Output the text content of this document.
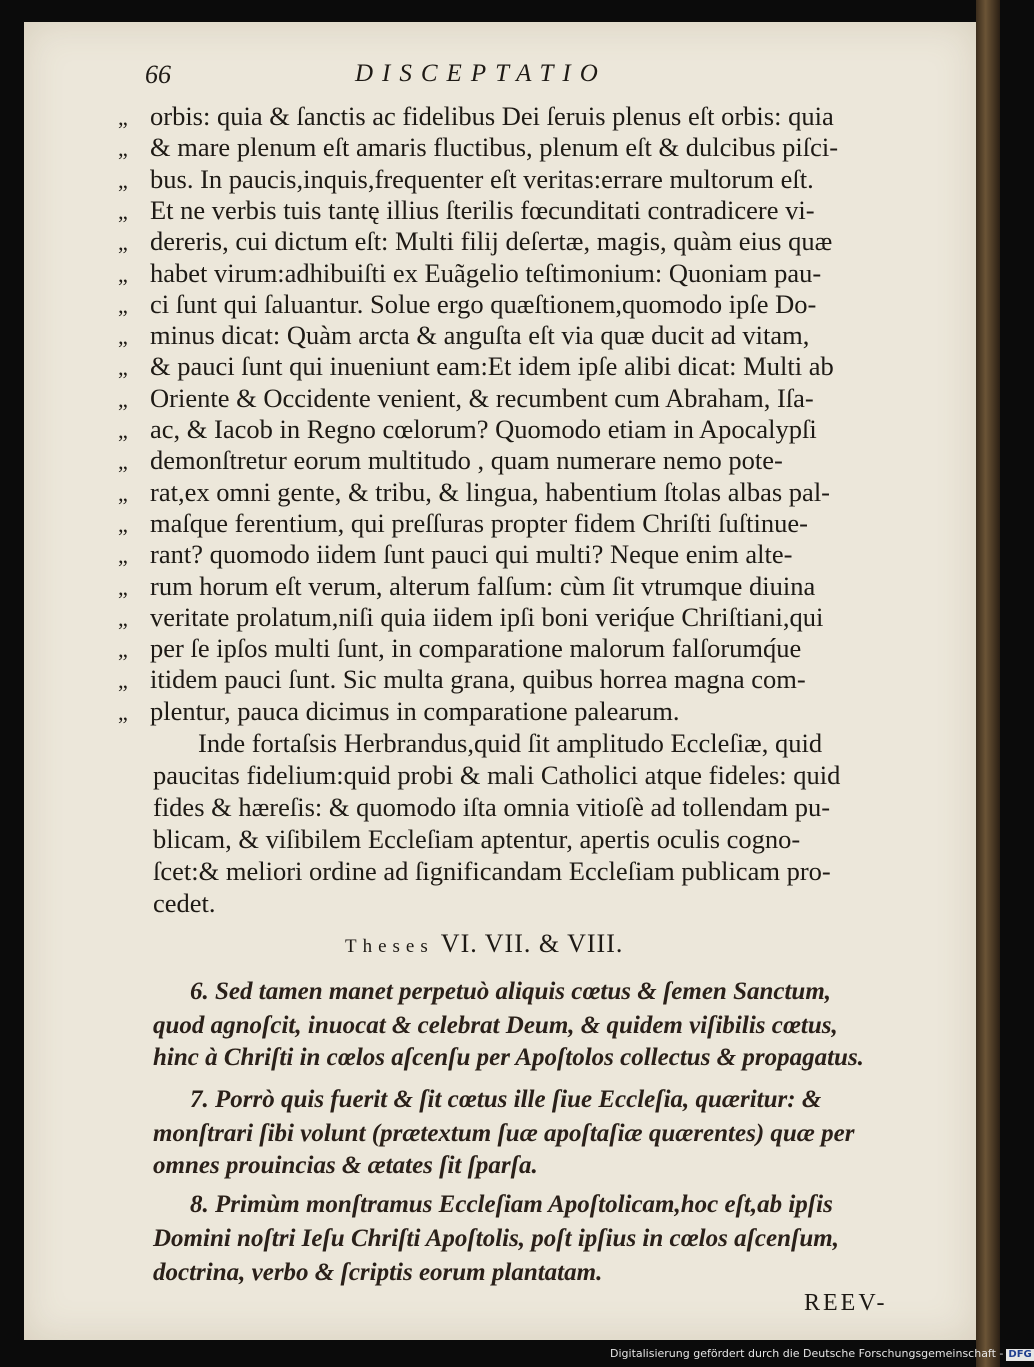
66	DISCEPTATIO
„ orbis: quia & ſanctis ac fidelibus Dei ſeruis plenus eſt orbis: quia
„ & mare plenum eſt amaris fluctibus, plenum eſt & dulcibus piſci-
„ bus. In paucis,inquis,frequenter eſt veritas:errare multorum eſt.
„ Et ne verbis tuis tantę illius ſterilis fœcunditati contradicere vi-
„ dereris, cui dictum eſt: Multi filij deſertæ, magis, quàm eius quæ
„ habet virum:adhibuiſti ex Euãgelio teſtimonium: Quoniam pau-
„ ci ſunt qui ſaluantur. Solue ergo quæſtionem,quomodo ipſe Do-
„ minus dicat: Quàm arcta & anguſta eſt via quæ ducit ad vitam,
„ & pauci ſunt qui inueniunt eam:Et idem ipſe alibi dicat: Multi ab
„ Oriente & Occidente venient, & recumbent cum Abraham, Iſa-
„ ac, & Iacob in Regno cœlorum? Quomodo etiam in Apocalypſi
„ demonſtretur eorum multitudo , quam numerare nemo pote-
„ rat,ex omni gente, & tribu, & lingua, habentium ſtolas albas pal-
„ maſque ferentium, qui preſſuras propter fidem Chriſti ſuſtinue-
„ rant? quomodo iidem ſunt pauci qui multi? Neque enim alte-
„ rum horum eſt verum, alterum falſum: cùm ſit vtrumque diuina
„ veritate prolatum,niſi quia iidem ipſi boni veriq́ue Chriſtiani,qui
„ per ſe ipſos multi ſunt, in comparatione malorum falſorumq́ue
„ itidem pauci ſunt. Sic multa grana, quibus horrea magna com-
„ plentur, pauca dicimus in comparatione palearum.
Inde fortaſsis Herbrandus,quid ſit amplitudo Eccleſiæ, quid
paucitas fidelium:quid probi & mali Catholici atque fideles: quid
fides & hæreſis: & quomodo iſta omnia vitioſè ad tollendam pu-
blicam, & viſibilem Eccleſiam aptentur, apertis oculis cogno-
ſcet:& meliori ordine ad ſignificandam Eccleſiam publicam pro-
cedet.
Theses VI. VII. & VIII.
6. Sed tamen manet perpetuò aliquis cœtus & ſemen Sanctum,
quod agnoſcit, inuocat & celebrat Deum, & quidem viſibilis cœtus,
hinc à Chriſti in cœlos aſcenſu per Apoſtolos collectus & propagatus.
7. Porrò quis fuerit & ſit cœtus ille ſiue Eccleſia, quæritur: &
monſtrari ſibi volunt (prætextum ſuæ apoſtaſiæ quærentes) quæ per
omnes prouincias & ætates ſit ſparſa.
8. Primùm monſtramus Eccleſiam Apoſtolicam,hoc eſt,ab ipſis
Domini noſtri Ieſu Chriſti Apoſtolis, poſt ipſius in cœlos aſcenſum,
doctrina, verbo & ſcriptis eorum plantatam.
REEV-
Digitalisierung gefördert durch die Deutsche Forschungsgemeinschaft - DFG
